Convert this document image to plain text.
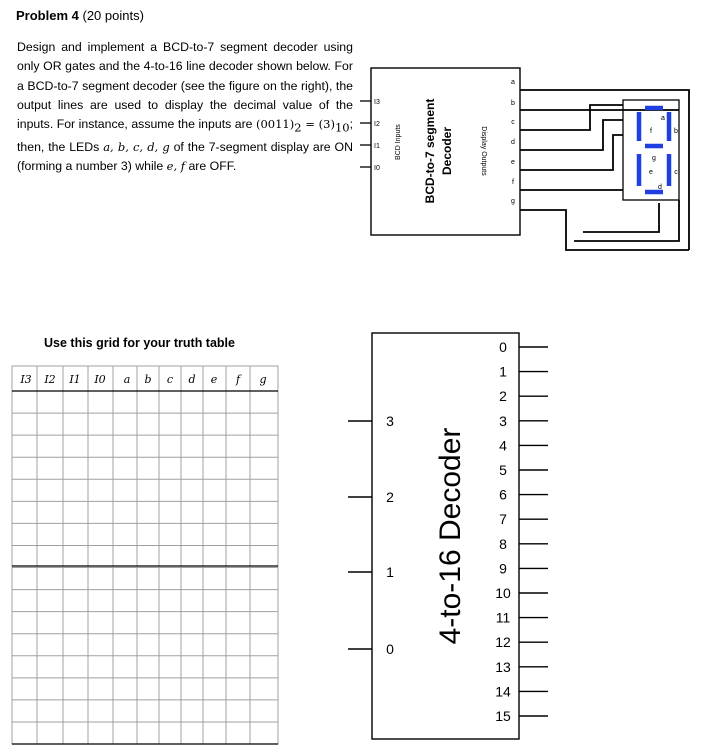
Problem 4 (20 points)
Design and implement a BCD-to-7 segment decoder using only OR gates and the 4-to-16 line decoder shown below. For a BCD-to-7 segment decoder (see the figure on the right), the output lines are used to display the decimal value of the inputs. For instance, assume the inputs are $(0011)_2 = (3)_{10}$; then, the LEDs a, b, c, d, g of the 7-segment display are ON (forming a number 3) while e, f are OFF.
Use this grid for your truth table
I3
I2
I1
I0
BCD Inputs BCD-to-7 segment Decoder	Display Outputs
a
b
c
d
e
f
g
a
f	b
g
e	c
d
I3 I2 I1 I0 a b c d e f g
4-to-16 Decoder
3
2
1
0
0
1
2
3
4
5
6
7
8
9
10
11
12
13
14
15
